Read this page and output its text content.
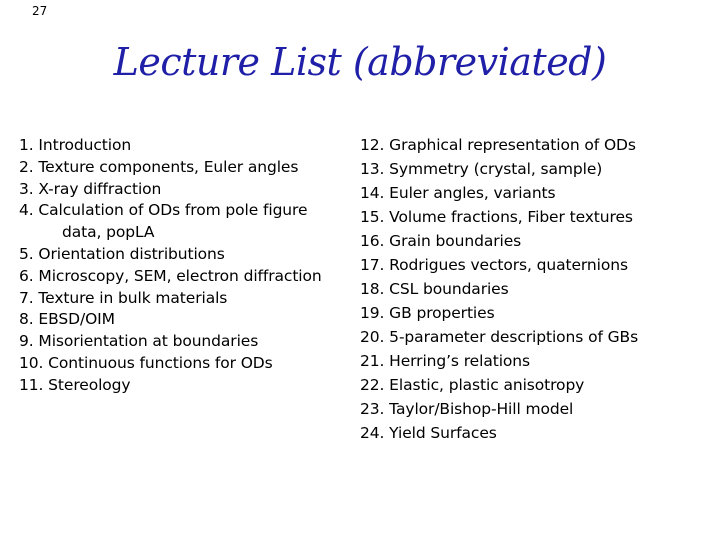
27
Lecture List (abbreviated)
1. Introduction
2. Texture components, Euler angles
3. X-ray diffraction
4. Calculation of ODs from pole figure
data, popLA
5. Orientation distributions
6. Microscopy, SEM, electron diffraction
7. Texture in bulk materials
8. EBSD/OIM
9. Misorientation at boundaries
10. Continuous functions for ODs
11. Stereology
12. Graphical representation of ODs
13. Symmetry (crystal, sample)
14. Euler angles, variants
15. Volume fractions, Fiber textures
16. Grain boundaries
17. Rodrigues vectors, quaternions
18. CSL boundaries
19. GB properties
20. 5-parameter descriptions of GBs
21. Herring’s relations
22. Elastic, plastic anisotropy
23. Taylor/Bishop-Hill model
24. Yield Surfaces
